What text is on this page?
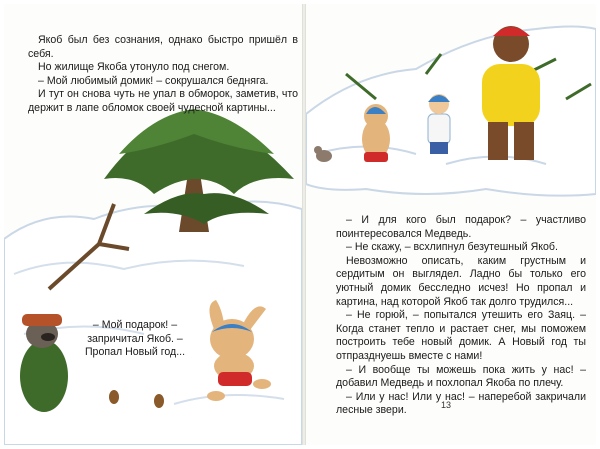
Якоб был без сознания, однако быстро пришёл в себя.

Но жилище Якоба утонуло под снегом.

– Мой любимый домик! – сокрушался бедняга.

И тут он снова чуть не упал в обморок, заметив, что держит в лапе обломок своей чудесной картины...

– Мой подарок! –

запричитал Якоб. –

Пропал Новый год...

– И для кого был подарок? – участливо поинтересовался Медведь.

– Не скажу, – всхлипнул безутешный Якоб.

Невозможно описать, каким грустным и сердитым он выглядел. Ладно бы только его уютный домик бесследно исчез! Но пропал и картина, над которой Якоб так долго трудился...

– Не горюй, – попытался утешить его Заяц. – Когда станет тепло и растает снег, мы поможем построить тебе новый домик. А Новый год ты отпразднуешь вместе с нами!

– И вообще ты можешь пока жить у нас! – добавил Медведь и похлопал Якоба по плечу.

– Или у нас! Или у нас! – наперебой закричали лесные звери.	13
